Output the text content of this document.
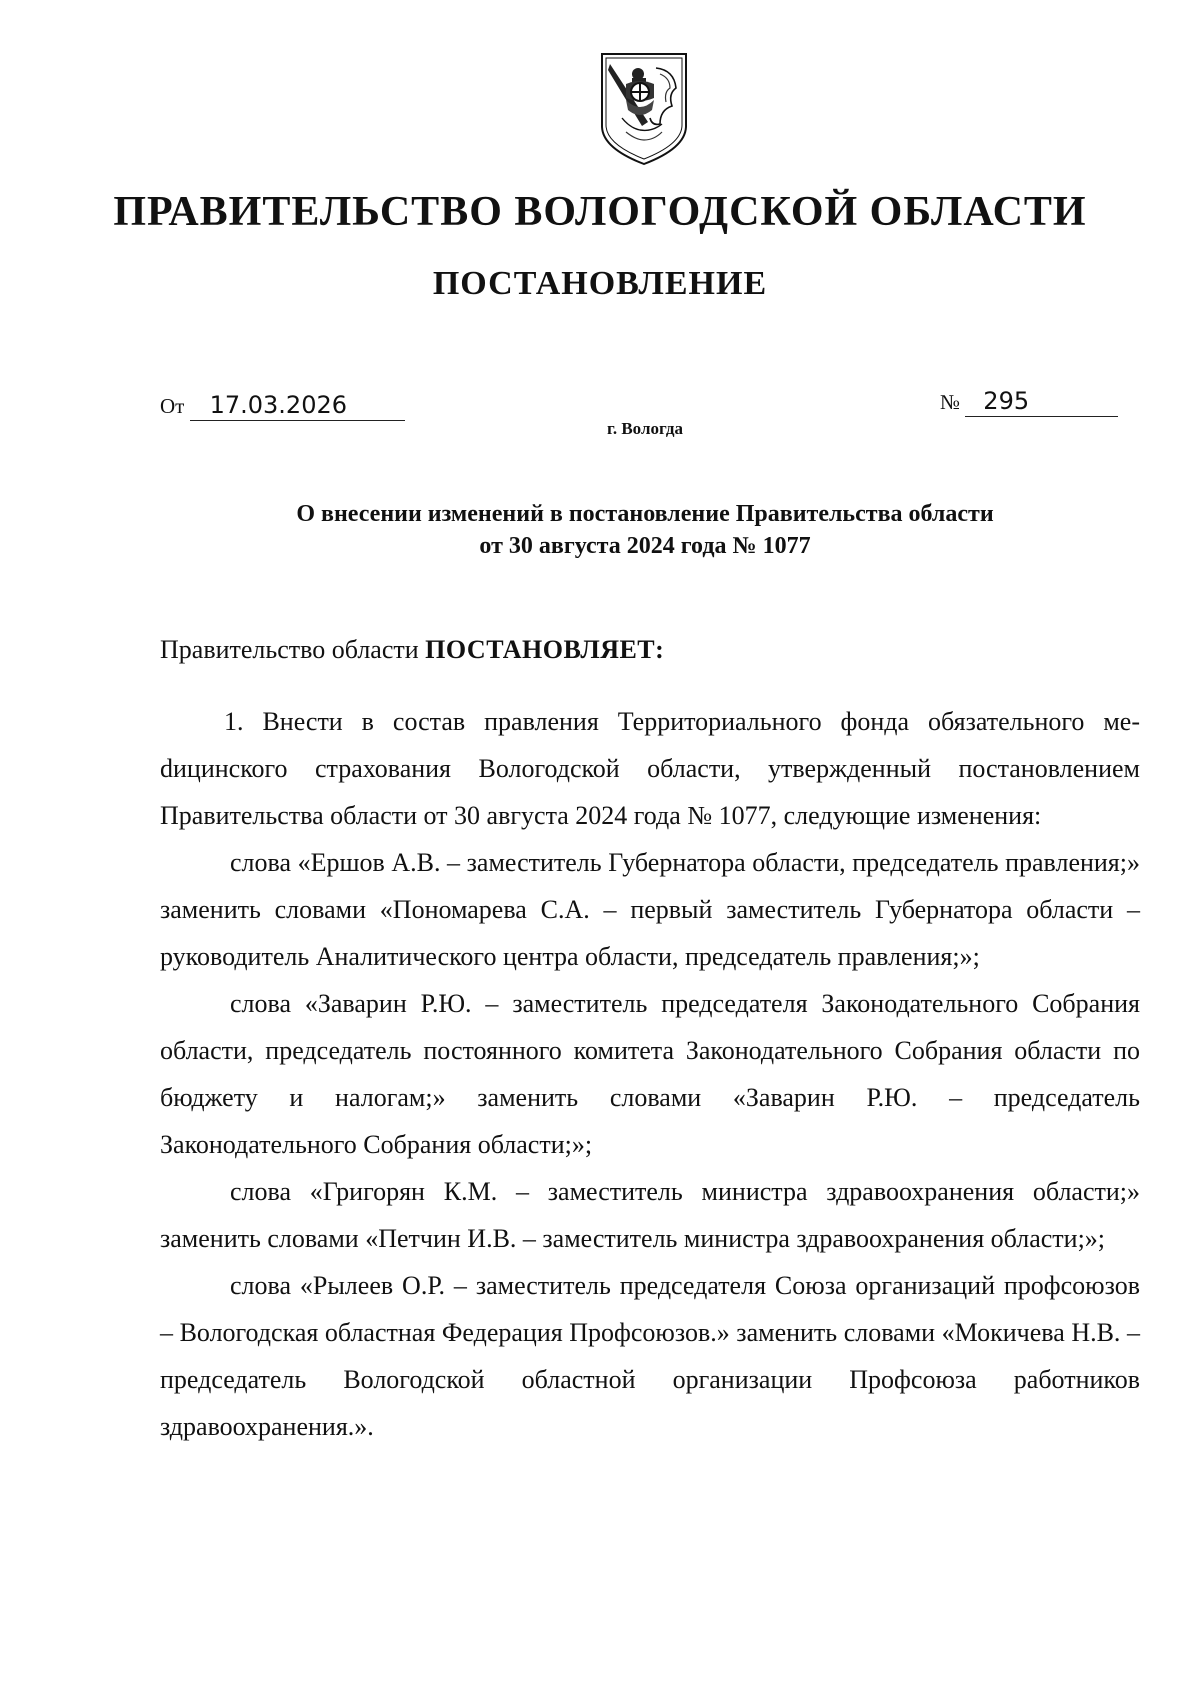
ПРАВИТЕЛЬСТВО ВОЛОГОДСКОЙ ОБЛАСТИ
ПОСТАНОВЛЕНИЕ
От 17.03.2026	№ 295
г. Вологда
О внесении изменений в постановление Правительства области
от 30 августа 2024 года № 1077
Правительство области ПОСТАНОВЛЯЕТ:

1. Внести в состав правления Территориального фонда обязательного меdицинского страхования Вологодской области, утвержденный постановлением Правительства области от 30 августа 2024 года № 1077, следующие изменения:

слова «Ершов А.В. – заместитель Губернатора области, председатель правления;» заменить словами «Пономарева С.А. – первый заместитель Губернатора области – руководитель Аналитического центра области, председатель правления;»;

слова «Заварин Р.Ю. – заместитель председателя Законодательного Собрания области, председатель постоянного комитета Законодательного Собрания области по бюджету и налогам;» заменить словами «Заварин Р.Ю. – председатель Законодательного Собрания области;»;

слова «Григорян К.М. – заместитель министра здравоохранения области;» заменить словами «Петчин И.В. – заместитель министра здравоохранения области;»;

слова «Рылеев О.Р. – заместитель председателя Союза организаций профсоюзов – Вологодская областная Федерация Профсоюзов.» заменить словами «Мокичева Н.В. – председатель Вологодской областной организации Профсоюза работников здравоохранения.».
